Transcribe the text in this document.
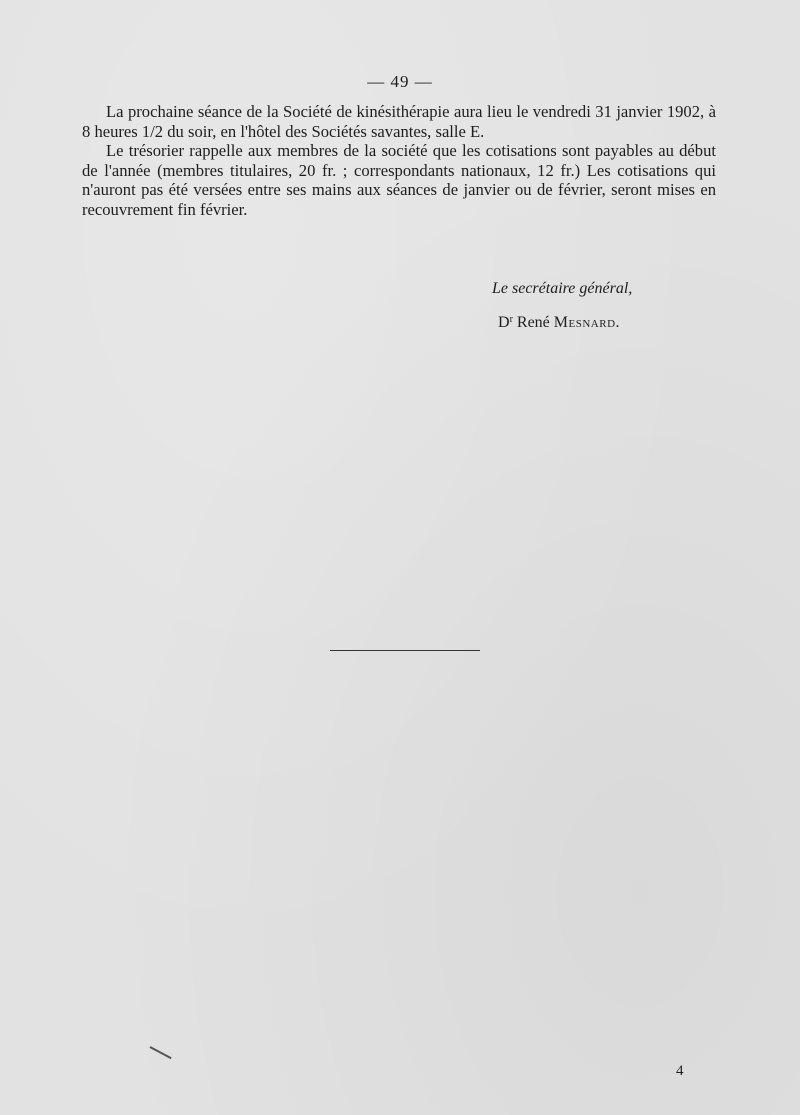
— 49 —

La prochaine séance de la Société de kinésithérapie aura lieu le vendredi 31 janvier 1902, à 8 heures 1/2 du soir, en l'hôtel des Sociétés savantes, salle E.

Le trésorier rappelle aux membres de la société que les cotisations sont payables au début de l'année (membres titulaires, 20 fr. ; correspondants nationaux, 12 fr.) Les cotisations qui n'auront pas été versées entre ses mains aux séances de janvier ou de février, seront mises en recouvrement fin février.

Le secrétaire général,
$D^r$ René Mesnard.
4
